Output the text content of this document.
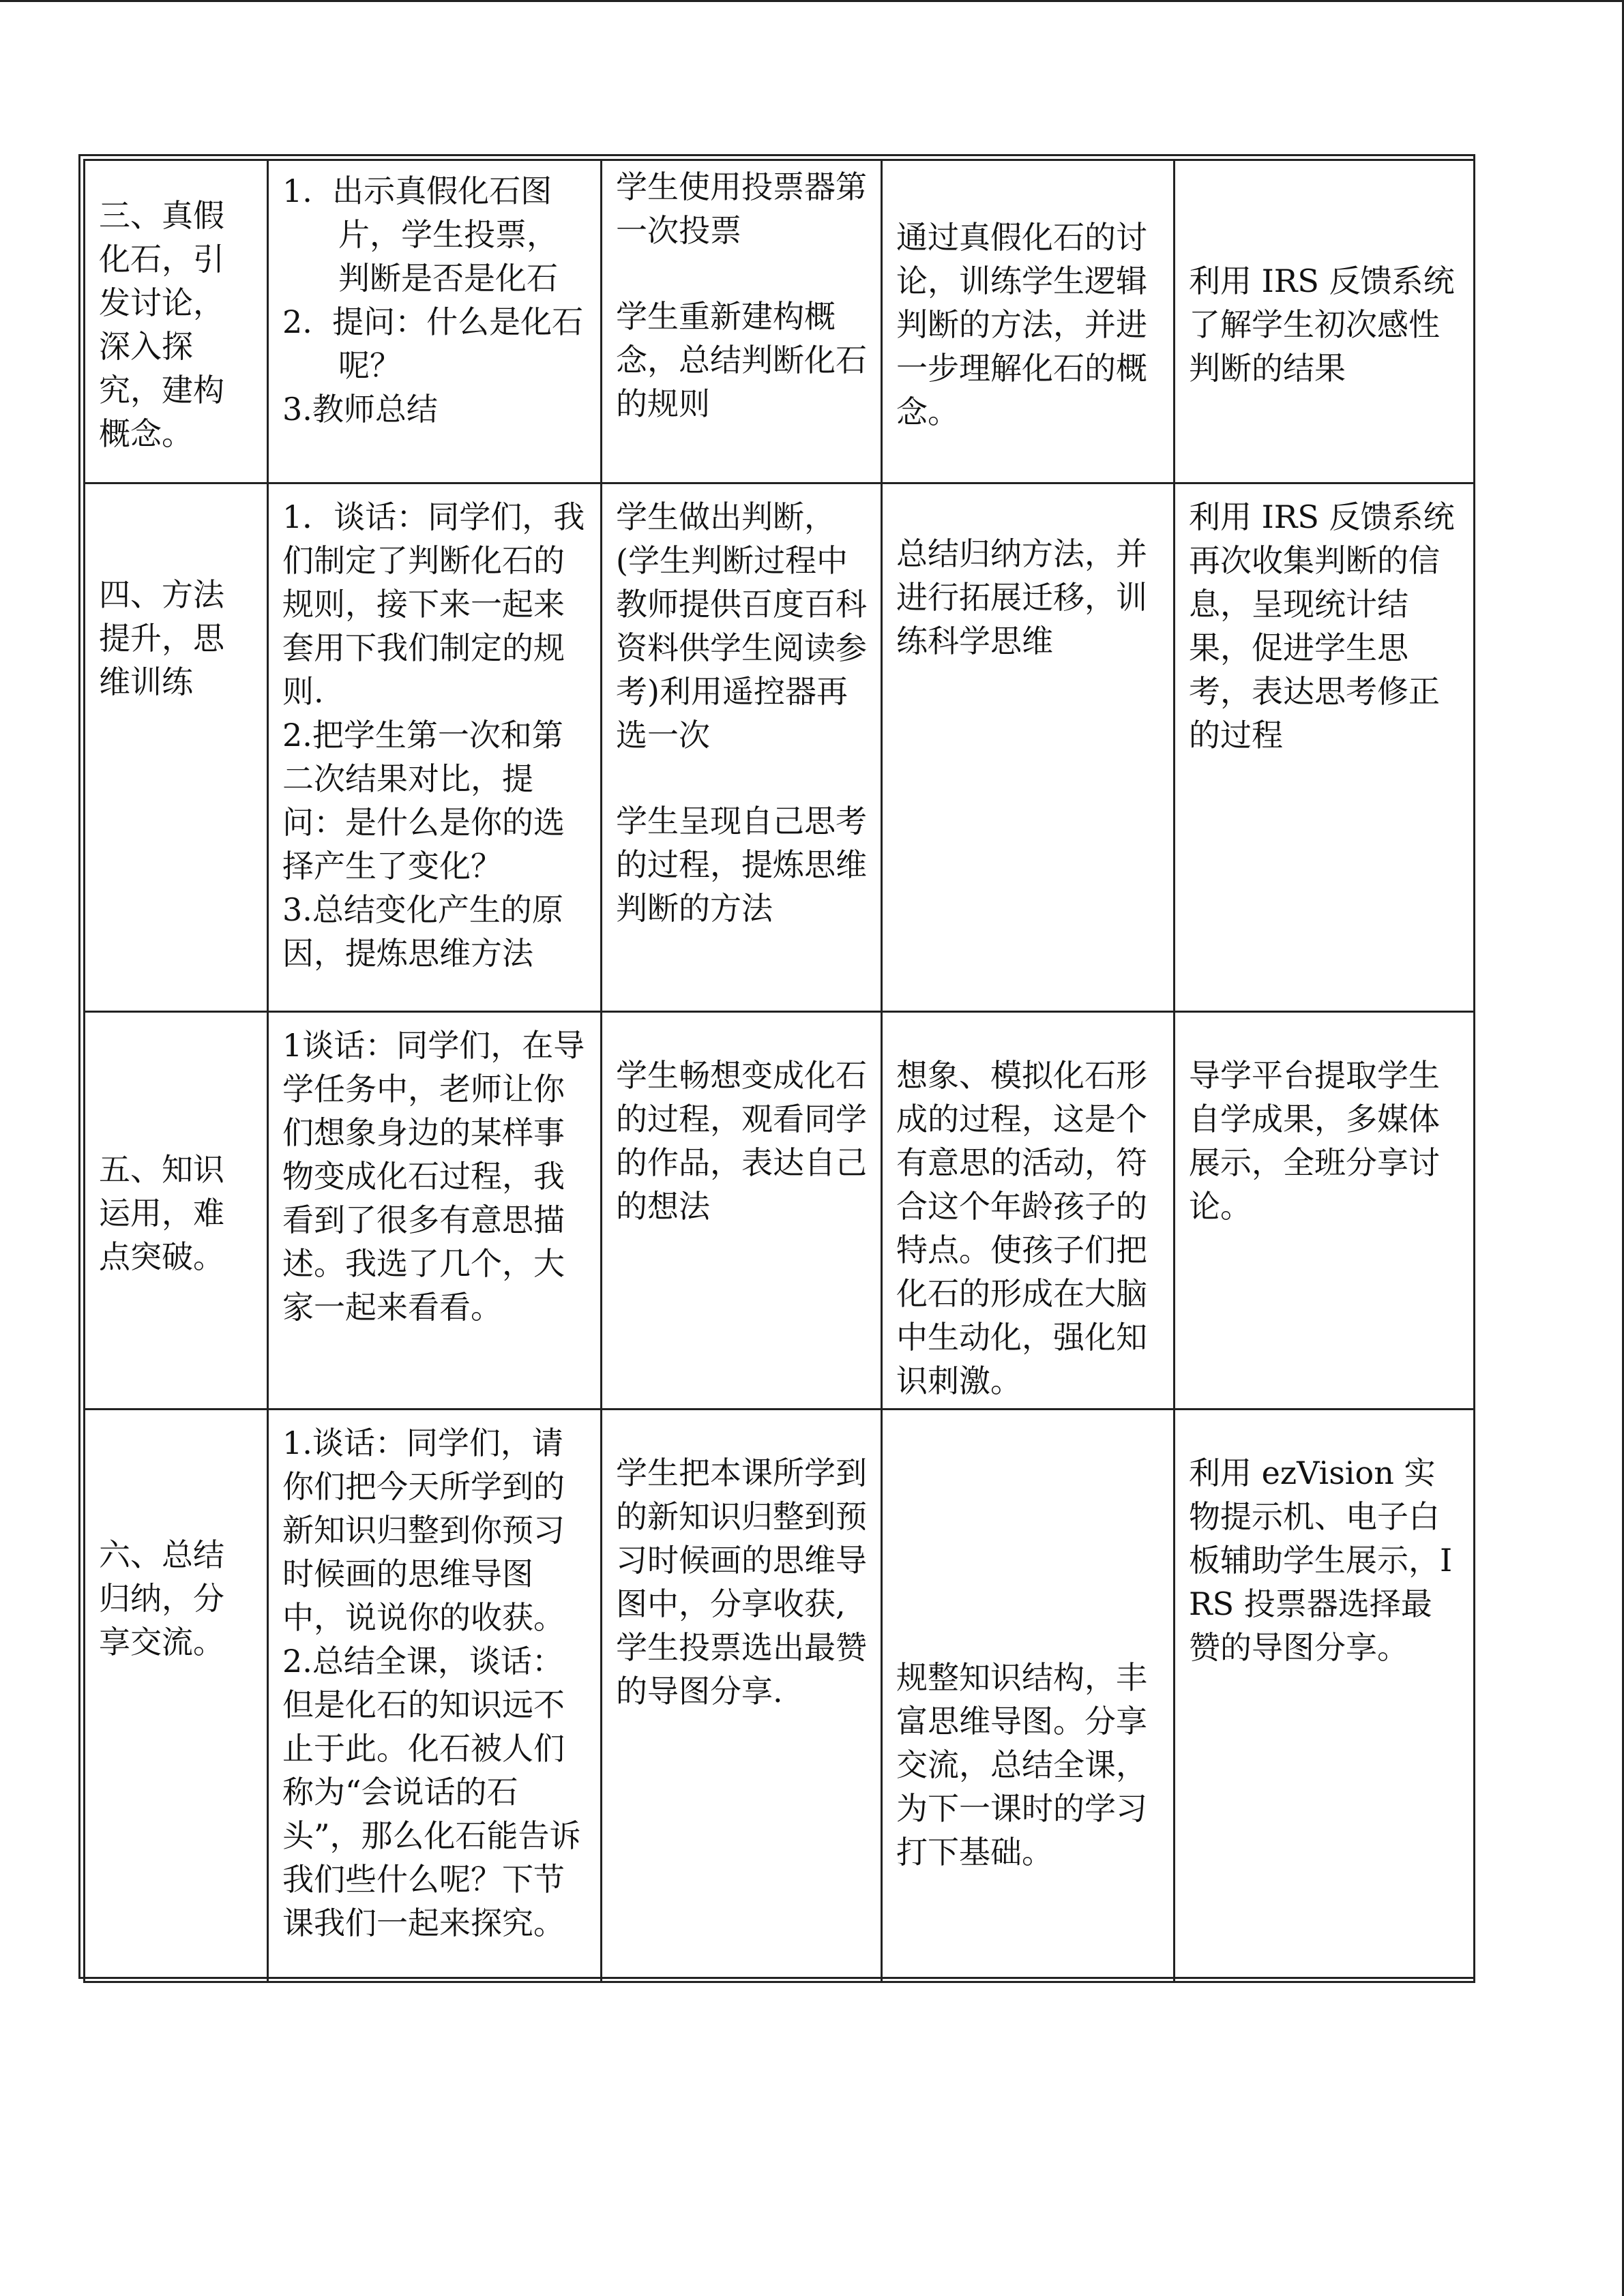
三、真假化石，引发讨论，深入探究，建构概念。	1.  出示真假化石图片，学生投票，判断是否是化石
2.  提问：什么是化石呢？
3.教师总结	学生使用投票器第一次投票
学生重新建构概念，总结判断化石的规则	通过真假化石的讨论，训练学生逻辑判断的方法，并进一步理解化石的概念。	利用 IRS 反馈系统了解学生初次感性判断的结果
四、方法提升，思维训练	1．谈话：同学们，我们制定了判断化石的规则，接下来一起来套用下我们制定的规则.
2.把学生第一次和第二次结果对比，提问：是什么是你的选择产生了变化？
3.总结变化产生的原因，提炼思维方法	学生做出判断，(学生判断过程中教师提供百度百科资料供学生阅读参考)利用遥控器再选一次
学生呈现自己思考的过程，提炼思维判断的方法	总结归纳方法，并进行拓展迁移，训练科学思维	利用 IRS 反馈系统再次收集判断的信息，呈现统计结果，促进学生思考，表达思考修正的过程
五、知识运用，难点突破。	1谈话：同学们，在导学任务中，老师让你们想象身边的某样事物变成化石过程，我看到了很多有意思描述。我选了几个，大家一起来看看。	学生畅想变成化石的过程，观看同学的作品，表达自己的想法	想象、模拟化石形成的过程，这是个有意思的活动，符合这个年龄孩子的特点。使孩子们把化石的形成在大脑中生动化，强化知识刺激。	导学平台提取学生自学成果，多媒体展示，全班分享讨论。
六、总结归纳，分享交流。	1.谈话：同学们，请你们把今天所学到的新知识归整到你预习时候画的思维导图中，说说你的收获。
2.总结全课，谈话：但是化石的知识远不止于此。化石被人们称为“会说话的石头”，那么化石能告诉我们些什么呢？下节课我们一起来探究。	学生把本课所学到的新知识归整到预习时候画的思维导图中，分享收获,学生投票选出最赞的导图分享.	规整知识结构，丰富思维导图。分享交流，总结全课，为下一课时的学习打下基础。	利用 ezVision 实物提示机、电子白板辅助学生展示，IRS 投票器选择最赞的导图分享。
